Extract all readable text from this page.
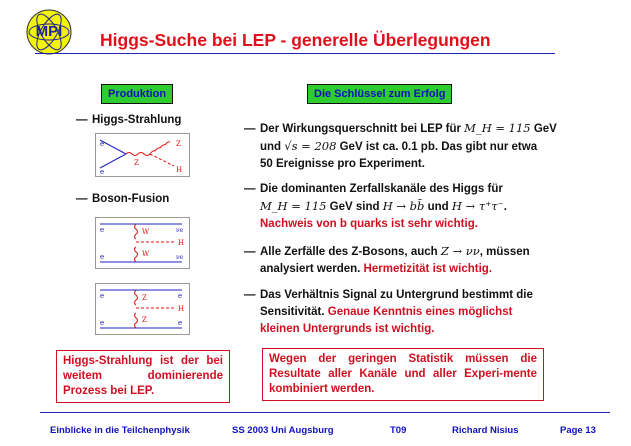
MPI	Higgs-Suche bei LEP - generelle Überlegungen
Produktion
— Higgs-Strahlung
e
e
Z
Z
H
— Boson-Fusion
e
e
W
W
H
νe
νe
e
e
Z
Z
H
e
e
Higgs-Strahlung ist der bei weitem dominierende Prozess bei LEP.
Die Schlüssel zum Erfolg
— Der Wirkungsquerschnitt bei LEP für M_H = 115 GeV
und √s = 208 GeV ist ca. 0.1 pb. Das gibt nur etwa
50 Ereignisse pro Experiment.
— Die dominanten Zerfallskanäle des Higgs für
M_H = 115 GeV sind H → bb̄ und H → τ⁺τ⁻.
Nachweis von b quarks ist sehr wichtig.
— Alle Zerfälle des Z-Bosons, auch Z → νν, müssen
analysiert werden. Hermetizität ist wichtig.
— Das Verhältnis Signal zu Untergrund bestimmt die
Sensitivität. Genaue Kenntnis eines möglichst
kleinen Untergrunds ist wichtig.
Wegen der geringen Statistik müssen die Resultate aller Kanäle und aller Experi-mente kombiniert werden.
Einblicke in die Teilchenphysik	SS 2003 Uni Augsburg	T09	Richard Nisius	Page 13
